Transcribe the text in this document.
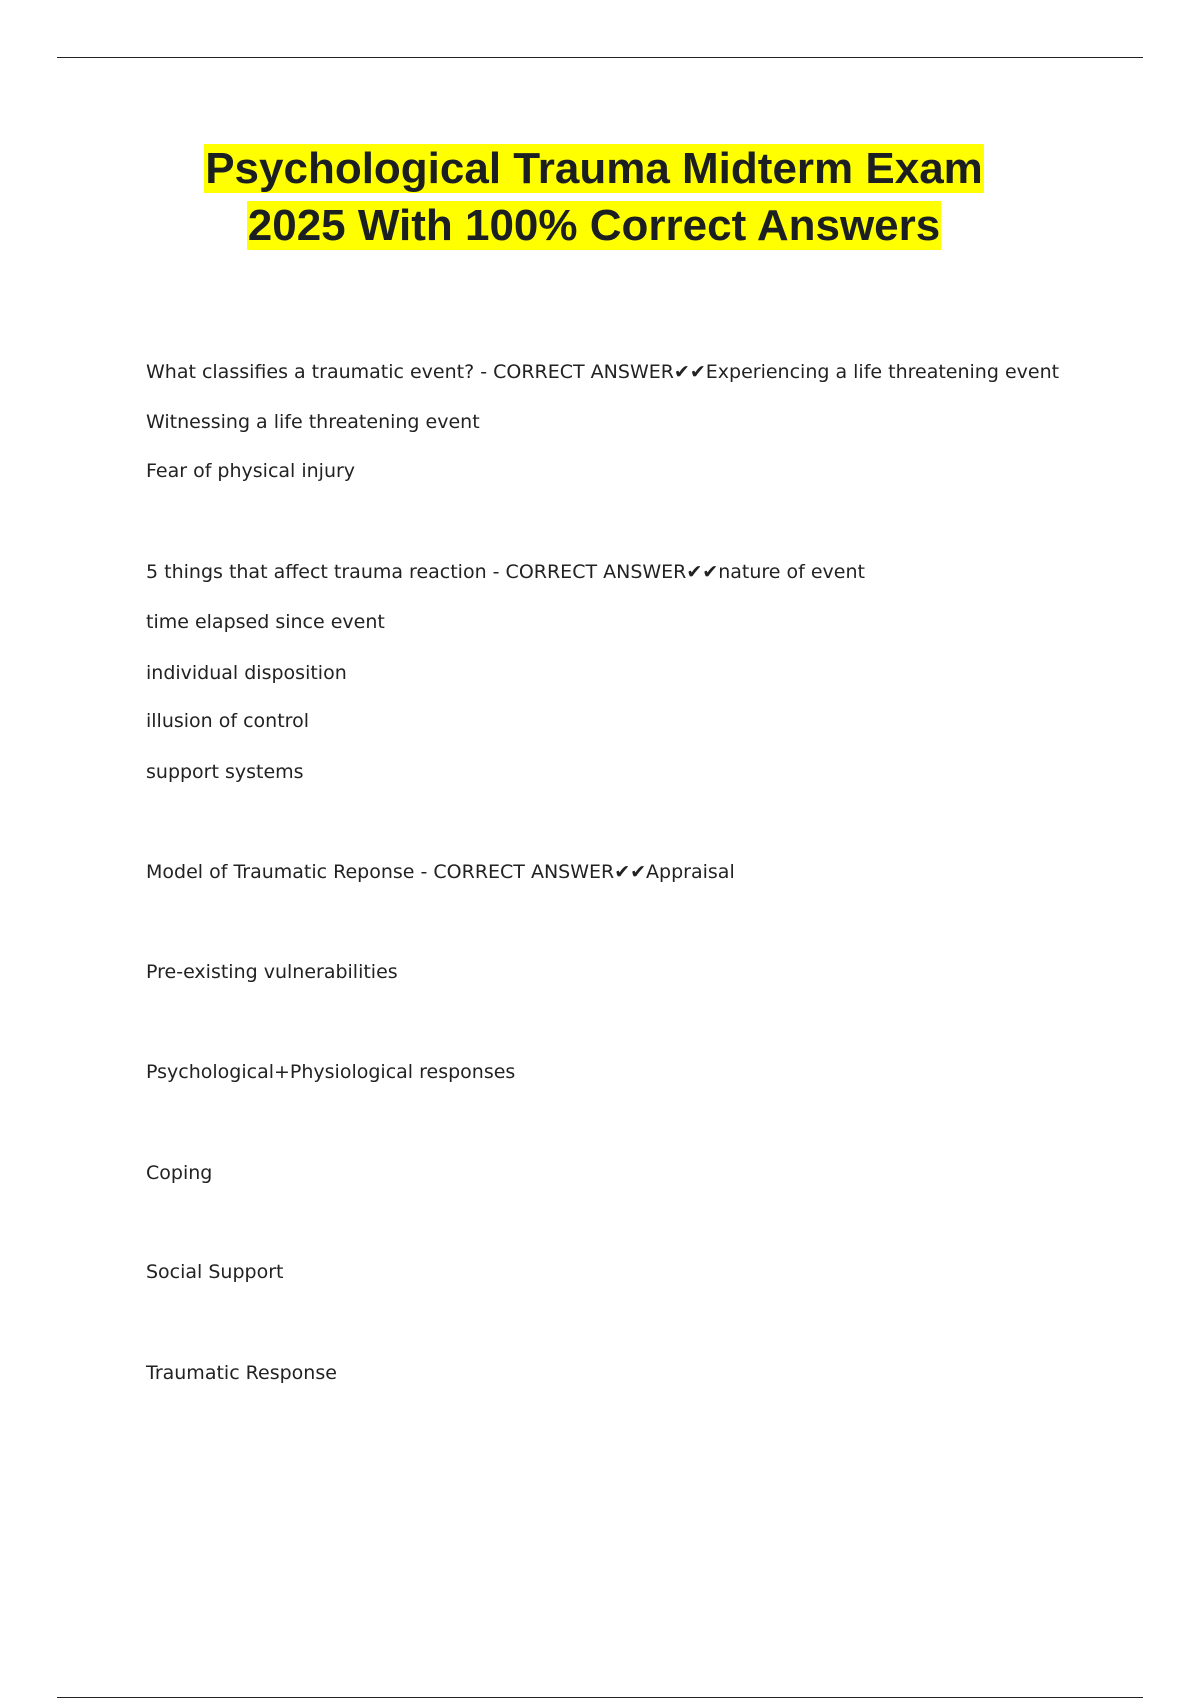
Psychological Trauma Midterm Exam
2025 With 100% Correct Answers
What classifies a traumatic event? - CORRECT ANSWER✔✔Experiencing a life threatening event
Witnessing a life threatening event
Fear of physical injury
5 things that affect trauma reaction - CORRECT ANSWER✔✔nature of event
time elapsed since event
individual disposition
illusion of control
support systems
Model of Traumatic Reponse - CORRECT ANSWER✔✔Appraisal
Pre-existing vulnerabilities
Psychological+Physiological responses
Coping
Social Support
Traumatic Response
